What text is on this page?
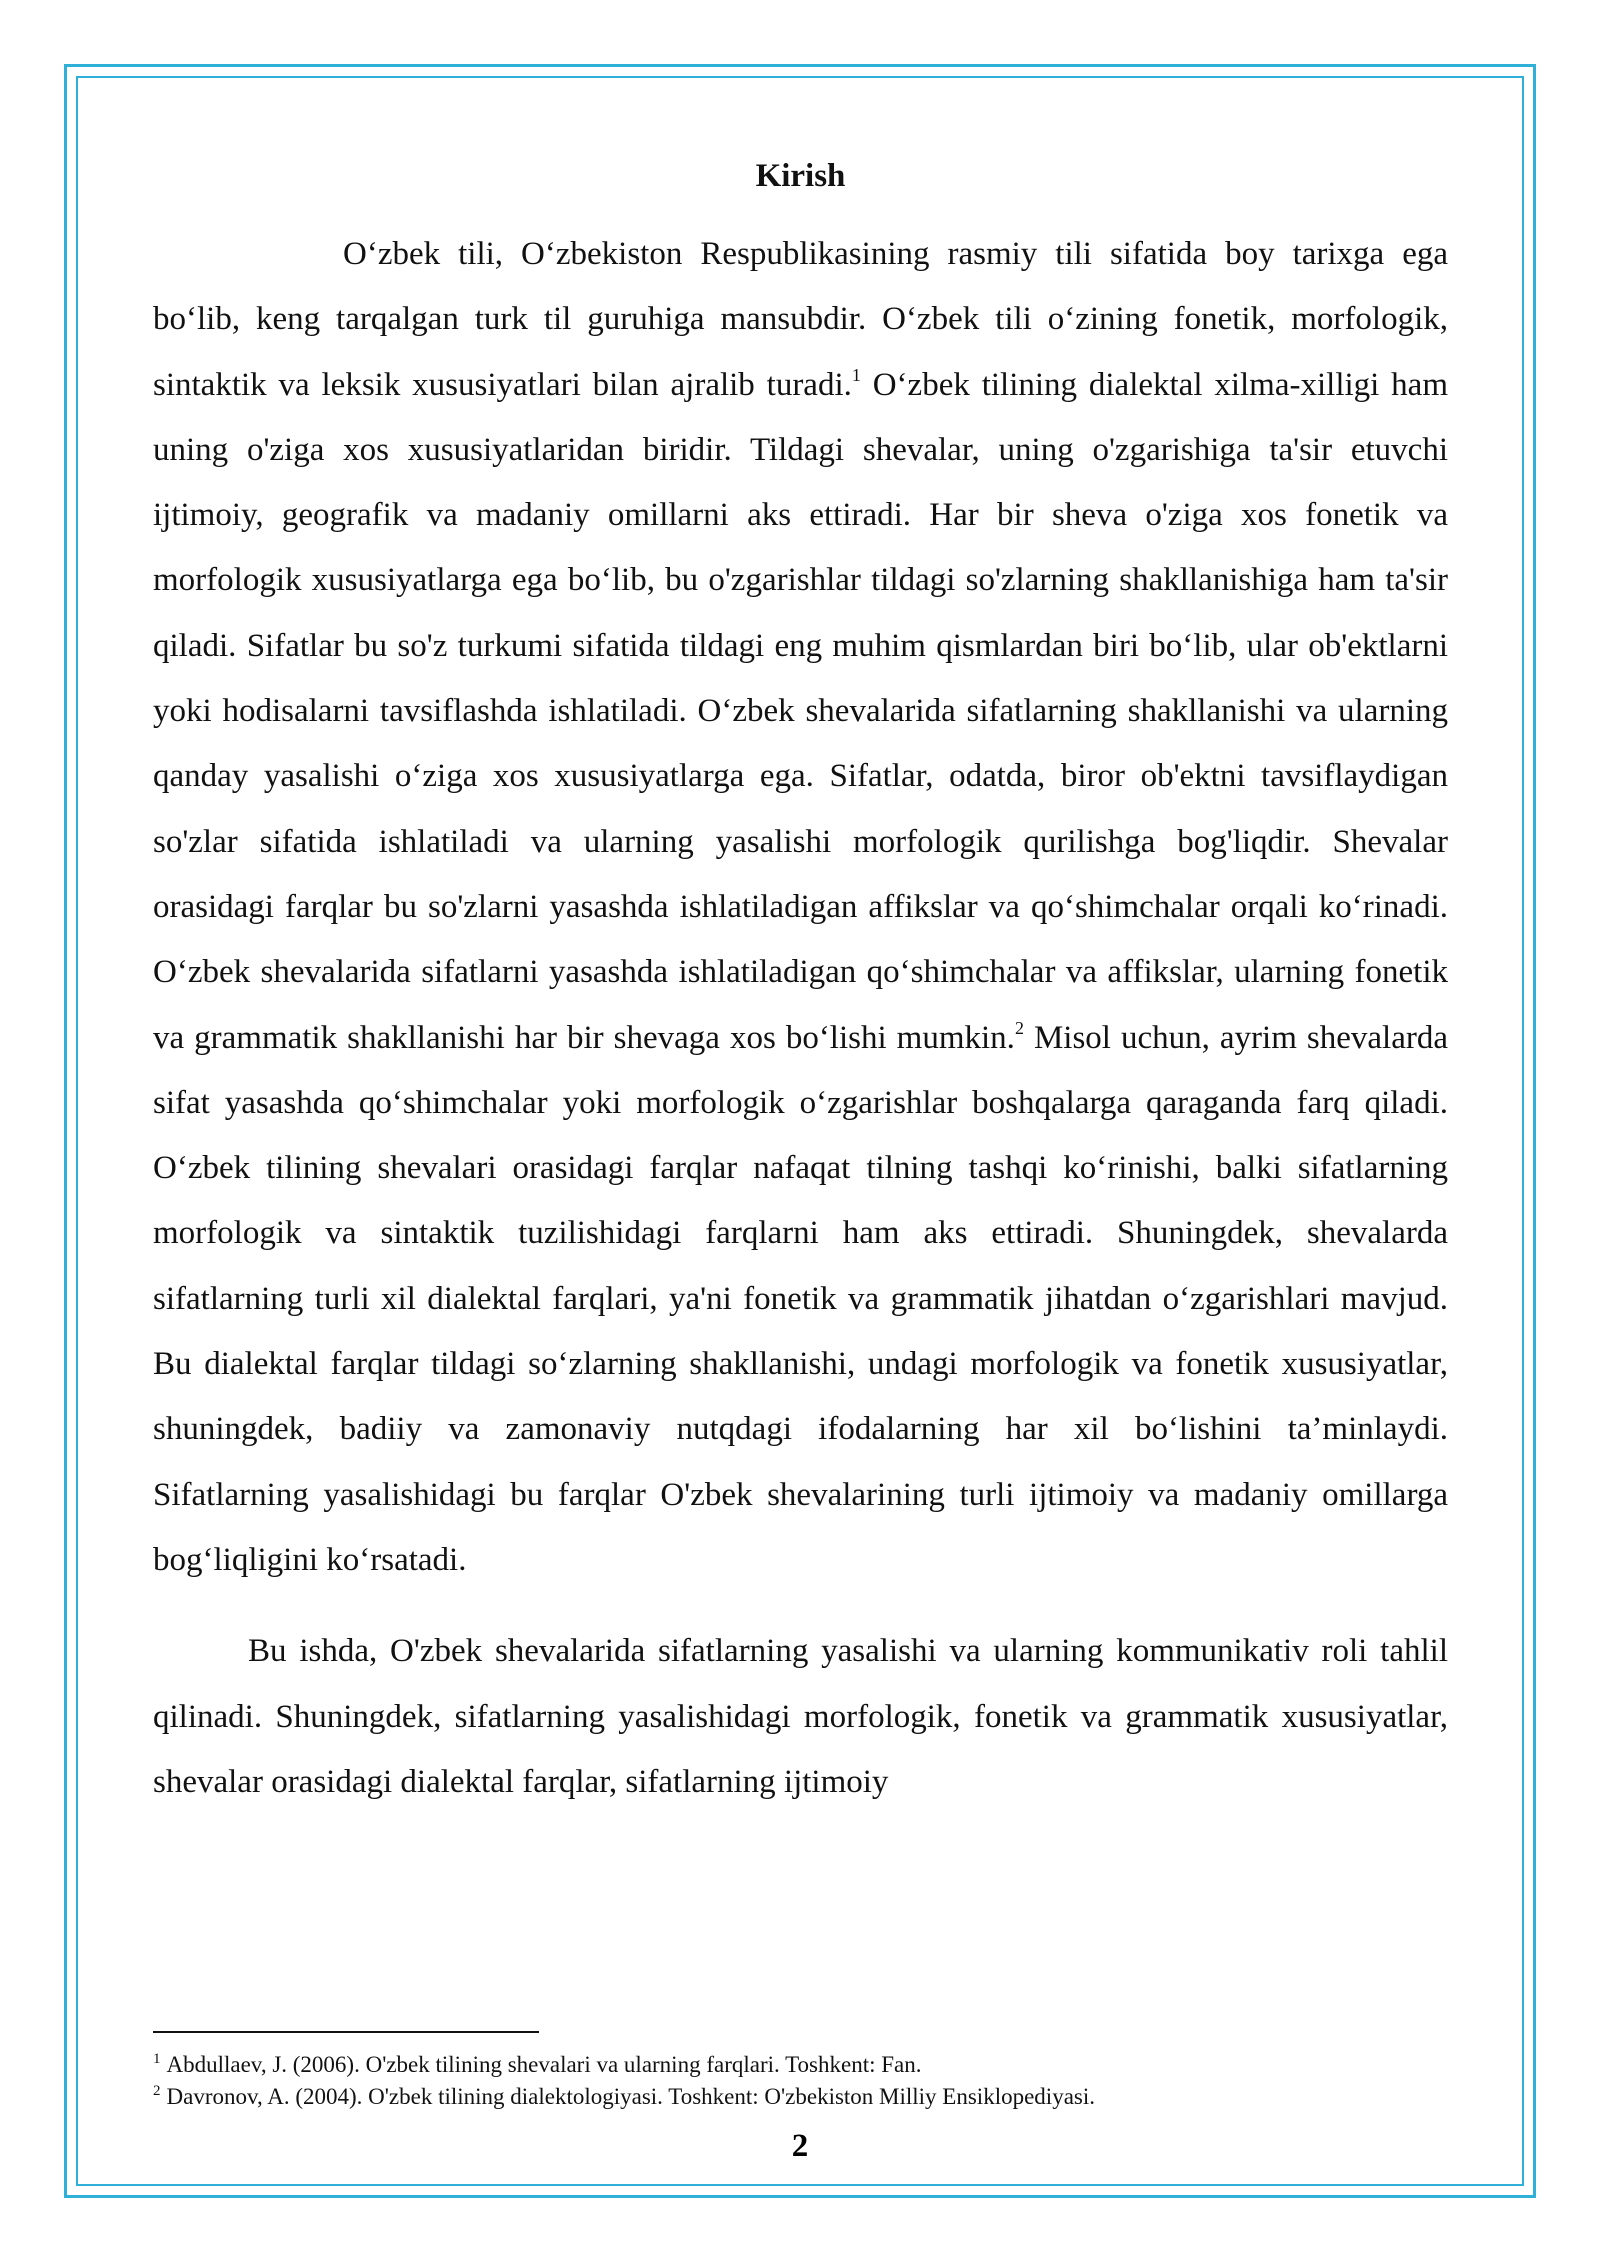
Kirish

O‘zbek tili, O‘zbekiston Respublikasining rasmiy tili sifatida boy tarixga ega bo‘lib, keng tarqalgan turk til guruhiga mansubdir. O‘zbek tili o‘zining fonetik, morfologik, sintaktik va leksik xususiyatlari bilan ajralib turadi.$^1$ O‘zbek tilining dialektal xilma-xilligi ham uning o'ziga xos xususiyatlaridan biridir. Tildagi shevalar, uning o'zgarishiga ta'sir etuvchi ijtimoiy, geografik va madaniy omillarni aks ettiradi. Har bir sheva o'ziga xos fonetik va morfologik xususiyatlarga ega bo‘lib, bu o'zgarishlar tildagi so'zlarning shakllanishiga ham ta'sir qiladi. Sifatlar bu so'z turkumi sifatida tildagi eng muhim qismlardan biri bo‘lib, ular ob'ektlarni yoki hodisalarni tavsiflashda ishlatiladi. O‘zbek shevalarida sifatlarning shakllanishi va ularning qanday yasalishi o‘ziga xos xususiyatlarga ega. Sifatlar, odatda, biror ob'ektni tavsiflaydigan so'zlar sifatida ishlatiladi va ularning yasalishi morfologik qurilishga bog'liqdir. Shevalar orasidagi farqlar bu so'zlarni yasashda ishlatiladigan affikslar va qo‘shimchalar orqali ko‘rinadi. O‘zbek shevalarida sifatlarni yasashda ishlatiladigan qo‘shimchalar va affikslar, ularning fonetik va grammatik shakllanishi har bir shevaga xos bo‘lishi mumkin.$^2$ Misol uchun, ayrim shevalarda sifat yasashda qo‘shimchalar yoki morfologik o‘zgarishlar boshqalarga qaraganda farq qiladi. O‘zbek tilining shevalari orasidagi farqlar nafaqat tilning tashqi ko‘rinishi, balki sifatlarning morfologik va sintaktik tuzilishidagi farqlarni ham aks ettiradi. Shuningdek, shevalarda sifatlarning turli xil dialektal farqlari, ya'ni fonetik va grammatik jihatdan o‘zgarishlari mavjud. Bu dialektal farqlar tildagi so‘zlarning shakllanishi, undagi morfologik va fonetik xususiyatlar, shuningdek, badiiy va zamonaviy nutqdagi ifodalarning har xil bo‘lishini ta’minlaydi. Sifatlarning yasalishidagi bu farqlar O'zbek shevalarining turli ijtimoiy va madaniy omillarga bog‘liqligini ko‘rsatadi.

Bu ishda, O'zbek shevalarida sifatlarning yasalishi va ularning kommunikativ roli tahlil qilinadi. Shuningdek, sifatlarning yasalishidagi morfologik, fonetik va grammatik xususiyatlar, shevalar orasidagi dialektal farqlar, sifatlarning ijtimoiy

$^1$ Abdullaev, J. (2006). O'zbek tilining shevalari va ularning farqlari. Toshkent: Fan.

$^2$ Davronov, A. (2004). O'zbek tilining dialektologiyasi. Toshkent: O'zbekiston Milliy Ensiklopediyasi.

2
